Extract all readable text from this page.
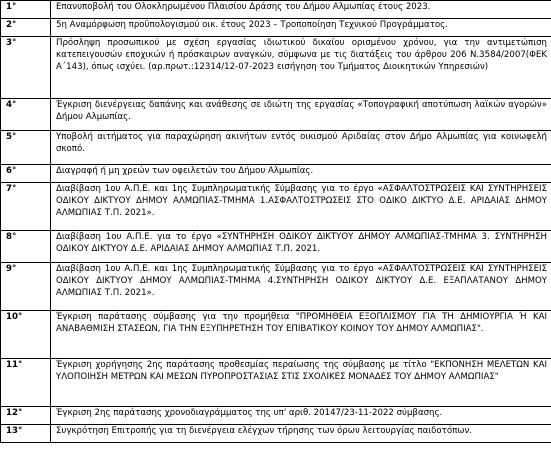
1°	Επανυποβολή του Ολοκληρωμένου Πλαισίου Δράσης του Δήμου Αλμωπίας έτους 2023.
2°	5η Αναμόρφωση προϋπολογισμού οικ. έτους 2023 – Τροποποίηση Τεχνικού Προγράμματος.
3°	Πρόσληψη προσωπικού με σχέση εργασίας ιδιωτικού δικαίου ορισμένου χρόνου, για την αντιμετώπιση κατεπειγουσών εποχικών ή πρόσκαιρων αναγκών, σύμφωνα με τις διατάξεις του άρθρου 206 Ν.3584/2007(ΦΕΚ Α΄143), όπως ισχύει. (αρ.πρωτ.:12314/12-07-2023 εισήγηση του Τμήματος Διοικητικών Υπηρεσιών)
4°	Έγκριση διενέργειας δαπάνης και ανάθεσης σε ιδιώτη της εργασίας «Τοπογραφική αποτύπωση λαϊκών αγορών» Δήμου Αλμωπίας.
5°	Υποβολή αιτήματος για παραχώρηση ακινήτων εντός οικισμού Αριδαίας στον Δήμο Αλμωπίας για κοινωφελή σκοπό.
6°	Διαγραφή ή μη χρεών των οφειλετών του Δήμου Αλμωπίας.
7°	Διαβίβαση 1ου Α.Π.Ε. και 1ης Συμπληρωματικής Σύμβασης για το έργο «ΑΣΦΑΛΤΟΣΤΡΩΣΕΙΣ ΚΑΙ ΣΥΝΤΗΡΗΣΕΙΣ ΟΔΙΚΟΥ ΔΙΚΤΥΟΥ ΔΗΜΟΥ ΑΛΜΩΠΙΑΣ-ΤΜΗΜΑ 1.ΑΣΦΑΛΤΟΣΤΡΩΣΕΙΣ ΣΤΟ ΟΔΙΚΟ ΔΙΚΤΥΟ Δ.Ε. ΑΡΙΔΑΙΑΣ ΔΗΜΟΥ ΑΛΜΩΠΙΑΣ Τ.Π. 2021».
8°	Διαβίβαση 1ου Α.Π.Ε. για το έργο «ΣΥΝΤΗΡΗΣΗ ΟΔΙΚΟΥ ΔΙΚΤΥΟΥ ΔΗΜΟΥ ΑΛΜΩΠΙΑΣ-ΤΜΗΜΑ 3. ΣΥΝΤΗΡΗΣΗ ΟΔΙΚΟΥ ΔΙΚΤΥΟΥ Δ.Ε. ΑΡΙΔΑΙΑΣ ΔΗΜΟΥ ΑΛΜΩΠΙΑΣ Τ.Π. 2021.
9°	Διαβίβαση 1ου Α.Π.Ε. και 1ης Συμπληρωματικής Σύμβασης για το έργο «ΑΣΦΑΛΤΟΣΤΡΩΣΕΙΣ ΚΑΙ ΣΥΝΤΗΡΗΣΕΙΣ ΟΔΙΚΟΥ ΔΙΚΤΥΟΥ ΔΗΜΟΥ ΑΛΜΩΠΙΑΣ-ΤΜΗΜΑ 4.ΣΥΝΤΗΡΗΣΗ ΟΔΙΚΟΥ ΔΙΚΤΥΟΥ Δ.Ε. ΕΞΑΠΛΑΤΑΝΟΥ ΔΗΜΟΥ ΑΛΜΩΠΙΑΣ Τ.Π. 2021».
10°	Έγκριση παράτασης σύμβασης για την προμήθεια "ΠΡΟΜΗΘΕΙΑ ΕΞΟΠΛΙΣΜΟΥ ΓΙΑ ΤΗ ΔΗΜΙΟΥΡΓΙΑ Ή ΚΑΙ ΑΝΑΒΑΘΜΙΣΗ ΣΤΑΣΕΩΝ, ΓΙΑ ΤΗΝ ΕΞΥΠΗΡΕΤΗΣΗ ΤΟΥ ΕΠΙΒΑΤΙΚΟΥ ΚΟΙΝΟΥ ΤΟΥ ΔΗΜΟΥ ΑΛΜΩΠΙΑΣ".
11°	Έγκριση χορήγησης 2ης παράτασης προθεσμίας περαίωσης της σύμβασης με τίτλο "ΕΚΠΟΝΗΣΗ ΜΕΛΕΤΩΝ ΚΑΙ ΥΛΟΠΟΙΗΣΗ ΜΕΤΡΩΝ ΚΑΙ ΜΕΣΩΝ ΠΥΡΟΠΡΟΣΤΑΣΙΑΣ ΣΤΙΣ ΣΧΟΛΙΚΕΣ ΜΟΝΑΔΕΣ ΤΟΥ ΔΗΜΟΥ ΑΛΜΩΠΙΑΣ"
12°	Έγκριση 2ης παράτασης χρονοδιαγράμματος της υπ' αριθ. 20147/23-11-2022 σύμβασης.
13°	Συγκρότηση Επιτροπής για τη διενέργεια ελέγχων τήρησης των όρων λειτουργίας παιδοτόπων.
